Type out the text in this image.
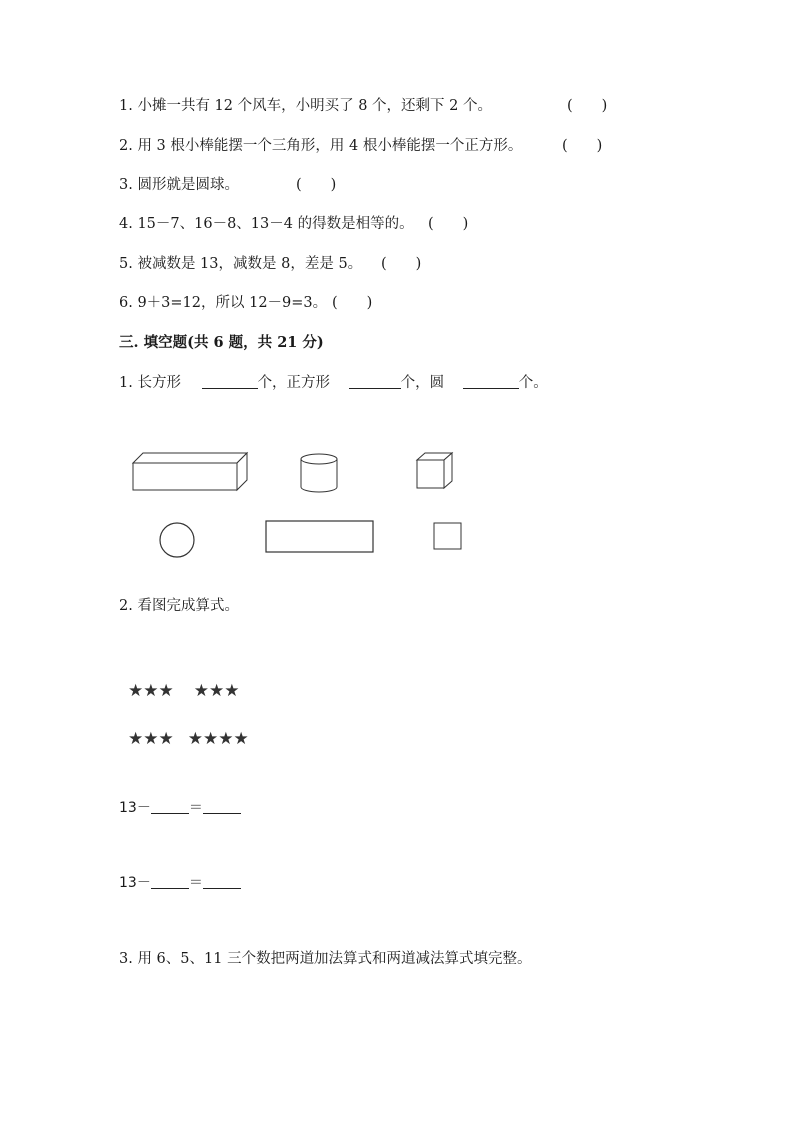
1. 小摊一共有 12 个风车，小明买了 8 个，还剩下 2 个。	(　　)
2. 用 3 根小棒能摆一个三角形，用 4 根小棒能摆一个正方形。	(　　)
3. 圆形就是圆球。	(　　)
4. 15－7、16－8、13－4 的得数是相等的。 (　　)
5. 被减数是 13，减数是 8，差是 5。 (　　)
6. 9＋3=12，所以 12－9=3。 (　　)
三. 填空题(共 6 题，共 21 分)
1. 长方形	个，正方形	个，圆	个。
2. 看图完成算式。
★★★ ★★★
★★★ ★★★★
13－	＝
13－	＝
3. 用 6、5、11 三个数把两道加法算式和两道减法算式填完整。
